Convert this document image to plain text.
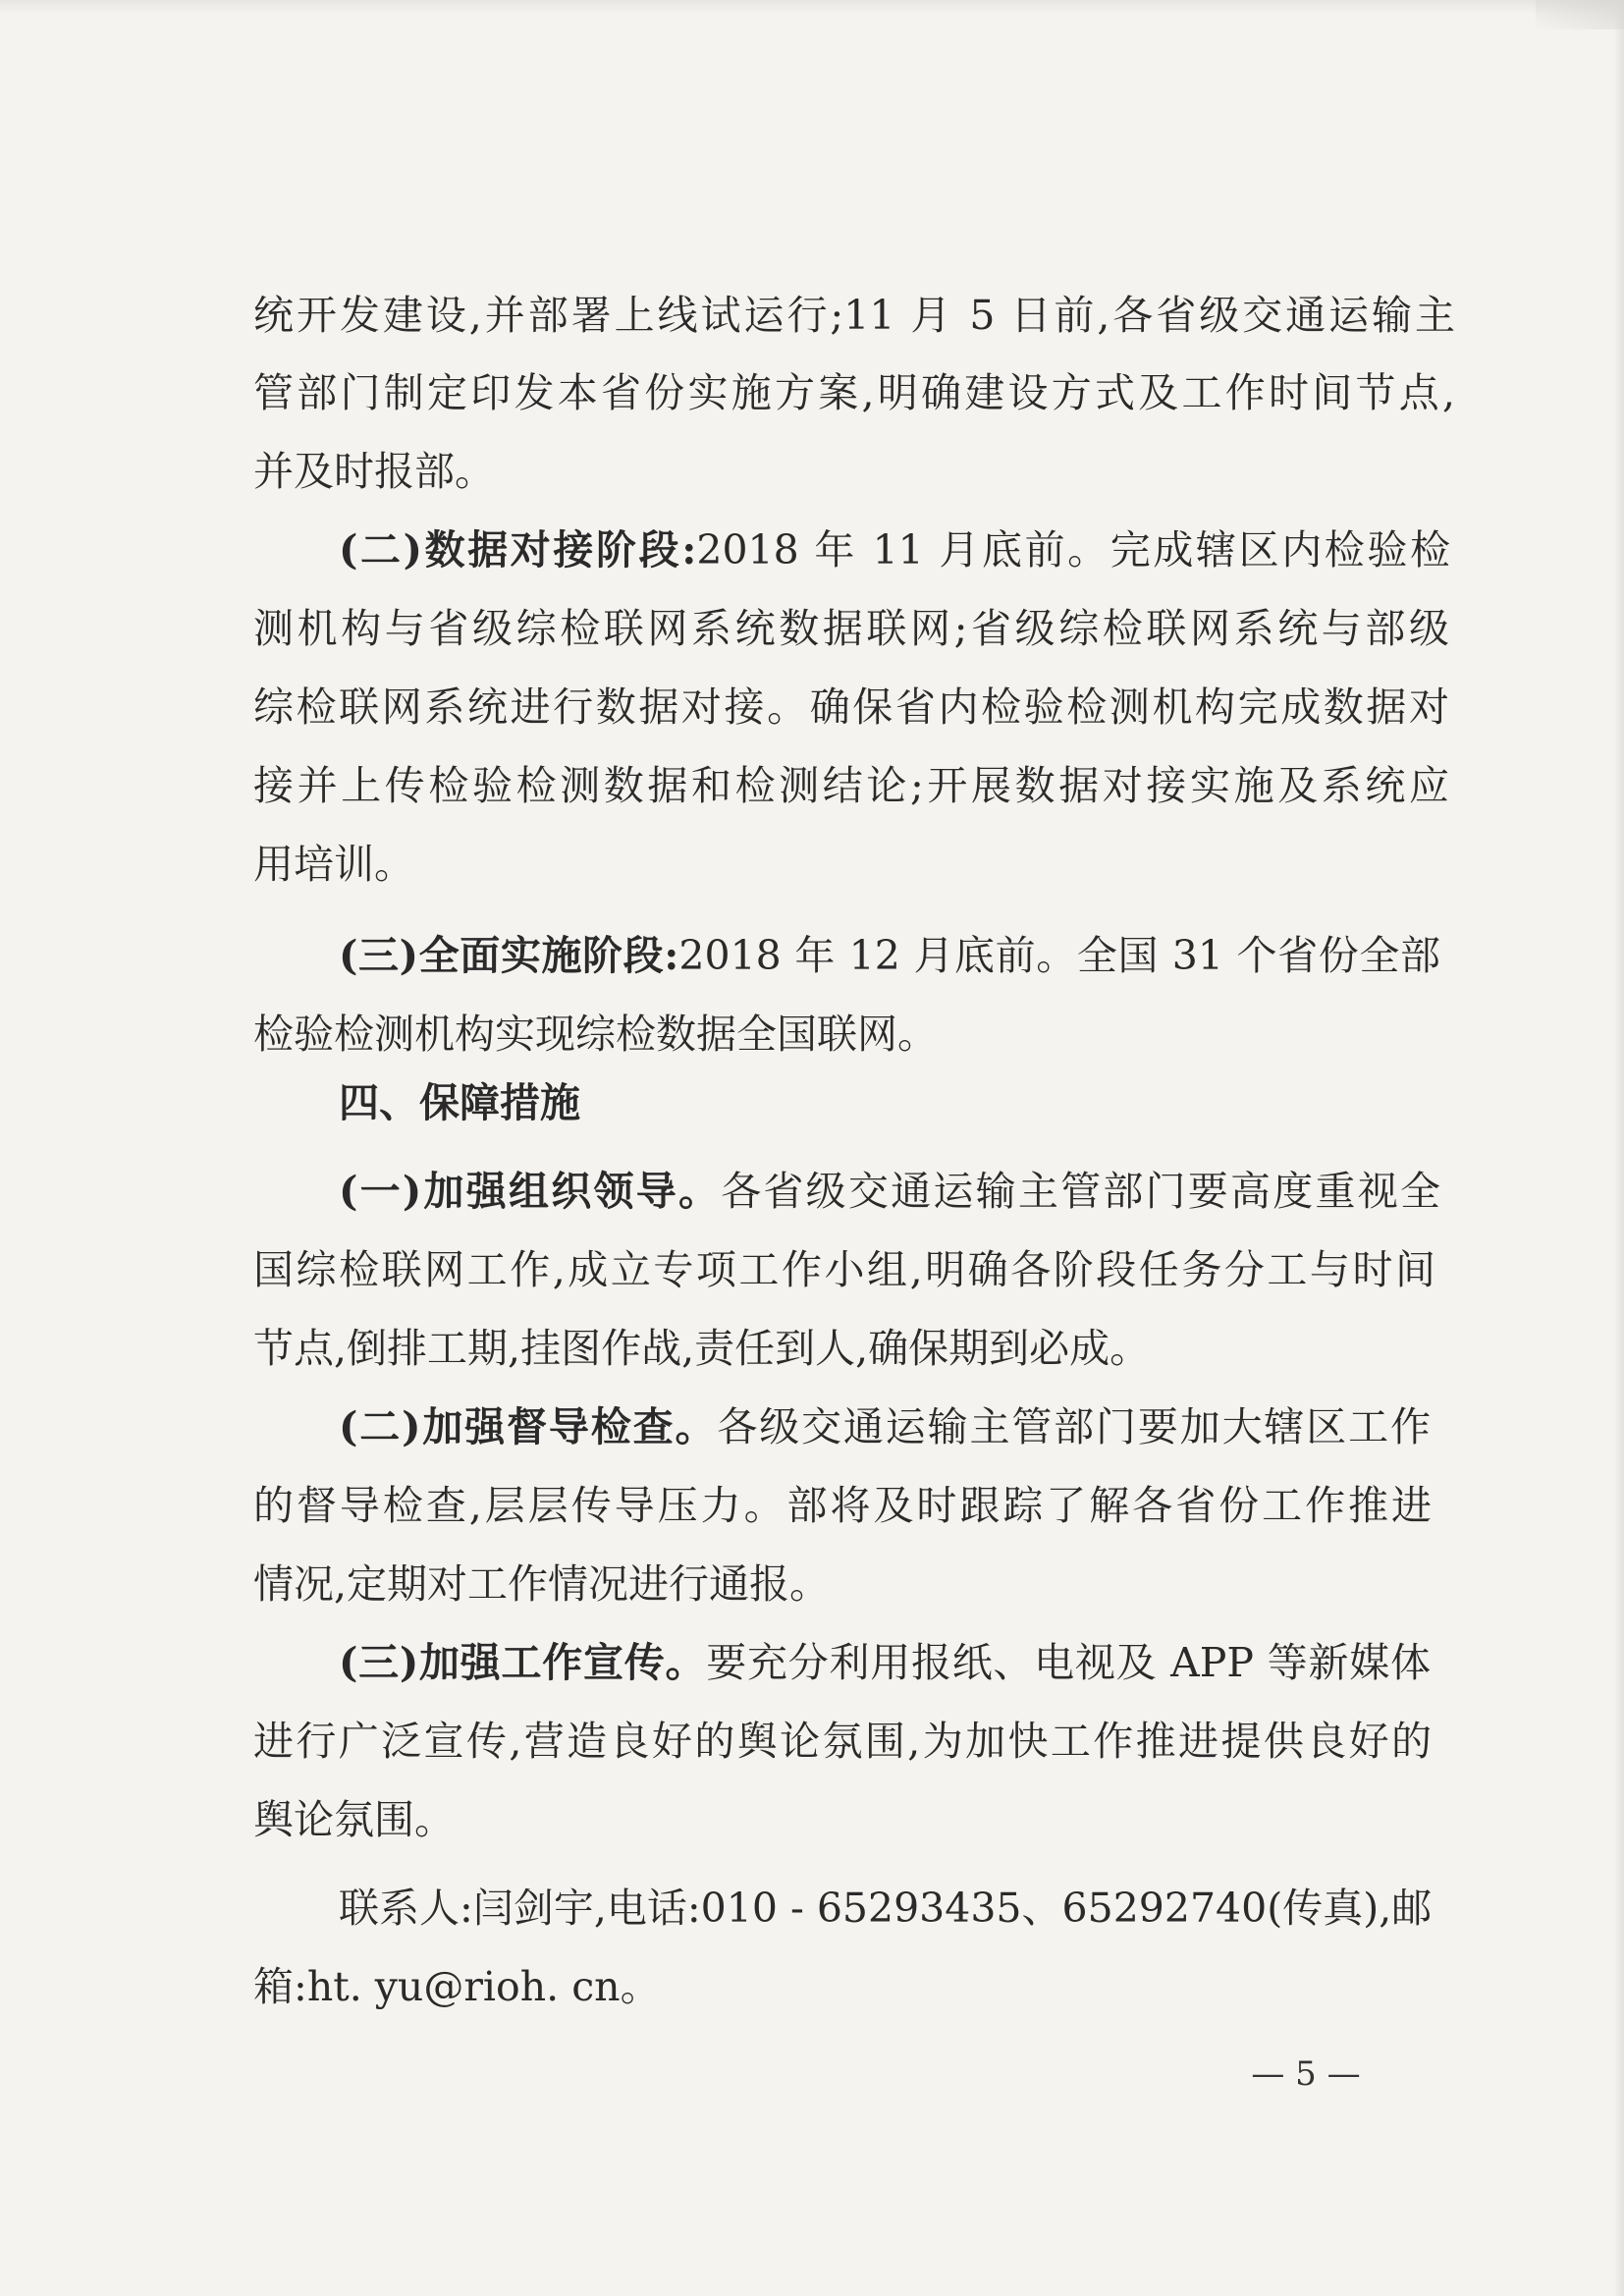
统开发建设,并部署上线试运行;11 月 5 日前,各省级交通运输主

管部门制定印发本省份实施方案,明确建设方式及工作时间节点,

并及时报部。

(二)数据对接阶段:2018 年 11 月底前。完成辖区内检验检

测机构与省级综检联网系统数据联网;省级综检联网系统与部级

综检联网系统进行数据对接。确保省内检验检测机构完成数据对

接并上传检验检测数据和检测结论;开展数据对接实施及系统应

用培训。

(三)全面实施阶段:2018 年 12 月底前。全国 31 个省份全部

检验检测机构实现综检数据全国联网。

四、保障措施

(一)加强组织领导。各省级交通运输主管部门要高度重视全

国综检联网工作,成立专项工作小组,明确各阶段任务分工与时间

节点,倒排工期,挂图作战,责任到人,确保期到必成。

(二)加强督导检查。各级交通运输主管部门要加大辖区工作

的督导检查,层层传导压力。部将及时跟踪了解各省份工作推进

情况,定期对工作情况进行通报。

(三)加强工作宣传。要充分利用报纸、电视及 APP 等新媒体

进行广泛宣传,营造良好的舆论氛围,为加快工作推进提供良好的

舆论氛围。

联系人:闫剑宇,电话:010 - 65293435、65292740(传真),邮

箱:ht. yu@rioh. cn。

— 5 —
